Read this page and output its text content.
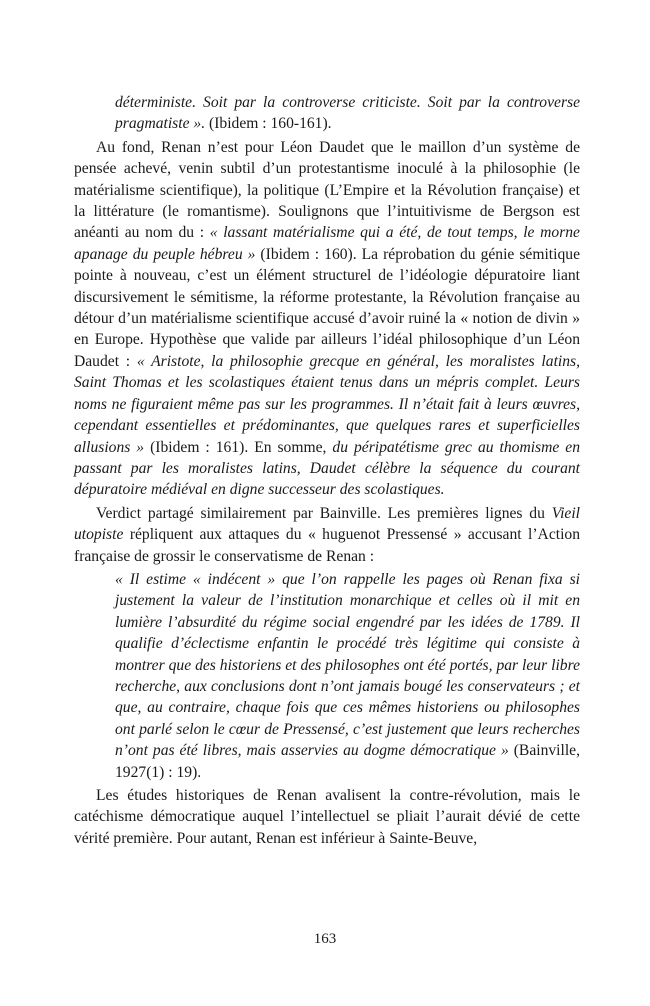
déterministe. Soit par la controverse criticiste. Soit par la controverse pragmatiste ». (Ibidem : 160-161).

Au fond, Renan n’est pour Léon Daudet que le maillon d’un système de pensée achevé, venin subtil d’un protestantisme inoculé à la philosophie (le matérialisme scientifique), la politique (L’Empire et la Révolution française) et la littérature (le romantisme). Soulignons que l’intuitivisme de Bergson est anéanti au nom du : « lassant matérialisme qui a été, de tout temps, le morne apanage du peuple hébreu » (Ibidem : 160). La réprobation du génie sémitique pointe à nouveau, c’est un élément structurel de l’idéologie dépuratoire liant discursivement le sémitisme, la réforme protestante, la Révolution française au détour d’un matérialisme scientifique accusé d’avoir ruiné la « notion de divin » en Europe. Hypothèse que valide par ailleurs l’idéal philosophique d’un Léon Daudet : « Aristote, la philosophie grecque en général, les moralistes latins, Saint Thomas et les scolastiques étaient tenus dans un mépris complet. Leurs noms ne figuraient même pas sur les programmes. Il n’était fait à leurs œuvres, cependant essentielles et prédominantes, que quelques rares et superficielles allusions » (Ibidem : 161). En somme, du péripatétisme grec au thomisme en passant par les moralistes latins, Daudet célèbre la séquence du courant dépuratoire médiéval en digne successeur des scolastiques.

Verdict partagé similairement par Bainville. Les premières lignes du Vieil utopiste répliquent aux attaques du « huguenot Pressensé » accusant l’Action française de grossir le conservatisme de Renan :

« Il estime « indécent » que l’on rappelle les pages où Renan fixa si justement la valeur de l’institution monarchique et celles où il mit en lumière l’absurdité du régime social engendré par les idées de 1789. Il qualifie d’éclectisme enfantin le procédé très légitime qui consiste à montrer que des historiens et des philosophes ont été portés, par leur libre recherche, aux conclusions dont n’ont jamais bougé les conservateurs ; et que, au contraire, chaque fois que ces mêmes historiens ou philosophes ont parlé selon le cœur de Pressensé, c’est justement que leurs recherches n’ont pas été libres, mais asservies au dogme démocratique » (Bainville, 1927(1) : 19).

Les études historiques de Renan avalisent la contre-révolution, mais le catéchisme démocratique auquel l’intellectuel se pliait l’aurait dévié de cette vérité première. Pour autant, Renan est inférieur à Sainte-Beuve,

163
